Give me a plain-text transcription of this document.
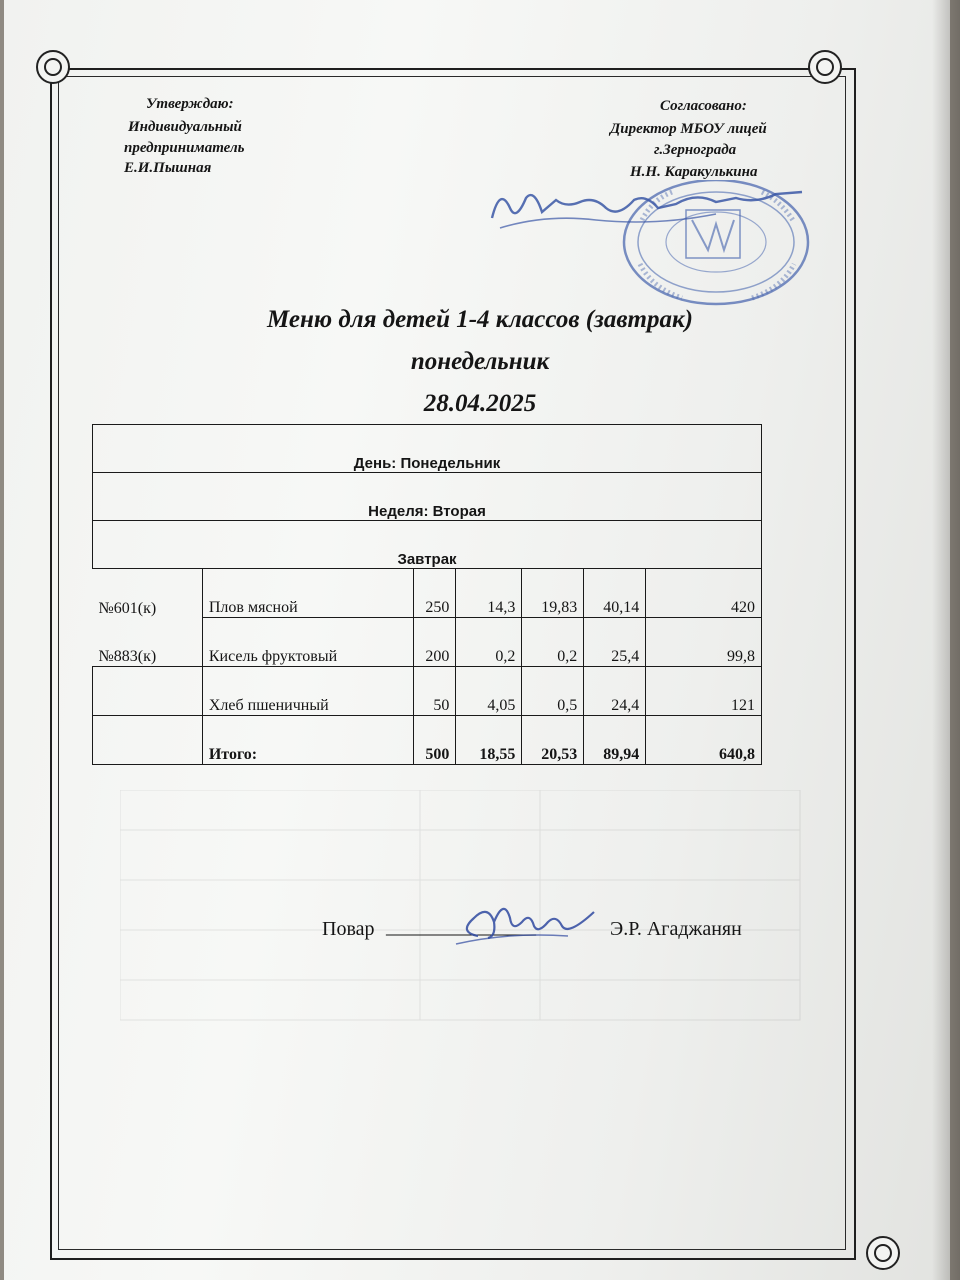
Утверждаю:
Индивидуальный
предприниматель
Е.И.Пышная
Согласовано:
Директор МБОУ лицей
г.Зернограда
Н.Н. Каракулькина
Меню для детей 1-4 классов (завтрак)
понедельник
28.04.2025
День: Понедельник						
Неделя: Вторая						
Завтрак						
№601(к)	Плов мясной	250	14,3	19,83	40,14	420
№883(к)	Кисель фруктовый	200	0,2	0,2	25,4	99,8
	Хлеб пшеничный	50	4,05	0,5	24,4	121
	Итого:	500	18,55	20,53	89,94	640,8
Повар _______________	Э.Р. Агаджанян
